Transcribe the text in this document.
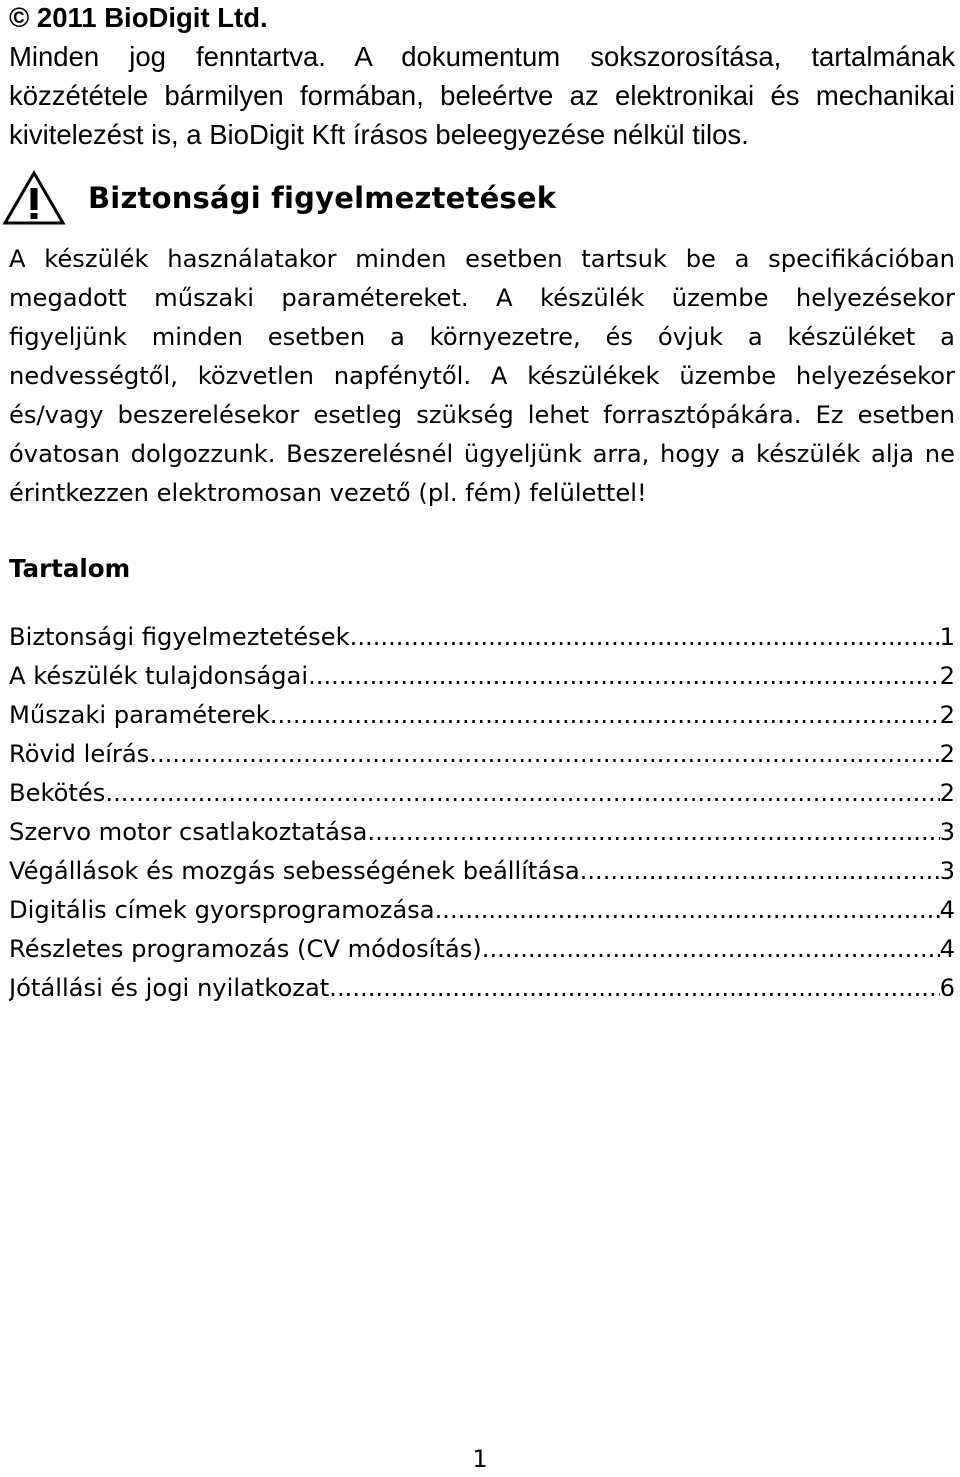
© 2011 BioDigit Ltd.

Minden jog fenntartva. A dokumentum sokszorosítása, tartalmának közzététele bármilyen formában, beleértve az elektronikai és mechanikai kivitelezést is, a BioDigit Kft írásos beleegyezése nélkül tilos.

Biztonsági figyelmeztetések

A készülék használatakor minden esetben tartsuk be a specifikációban megadott műszaki paramétereket. A készülék üzembe helyezésekor figyeljünk minden esetben a környezetre, és óvjuk a készüléket a nedvességtől, közvetlen napfénytől. A készülékek üzembe helyezésekor és/vagy beszerelésekor esetleg szükség lehet forrasztópákára. Ez esetben óvatosan dolgozzunk. Beszerelésnél ügyeljünk arra, hogy a készülék alja ne érintkezzen elektromosan vezető (pl. fém) felülettel!

Tartalom
Biztonsági figyelmeztetések .....	1
A készülék tulajdonságai .....	2
Műszaki paraméterek .....	2
Rövid leírás .....	2
Bekötés .....	2
Szervo motor csatlakoztatása .....	3
Végállások és mozgás sebességének beállítása .....	3
Digitális címek gyorsprogramozása .....	4
Részletes programozás (CV módosítás) .....	4
Jótállási és jogi nyilatkozat .....	6
1
